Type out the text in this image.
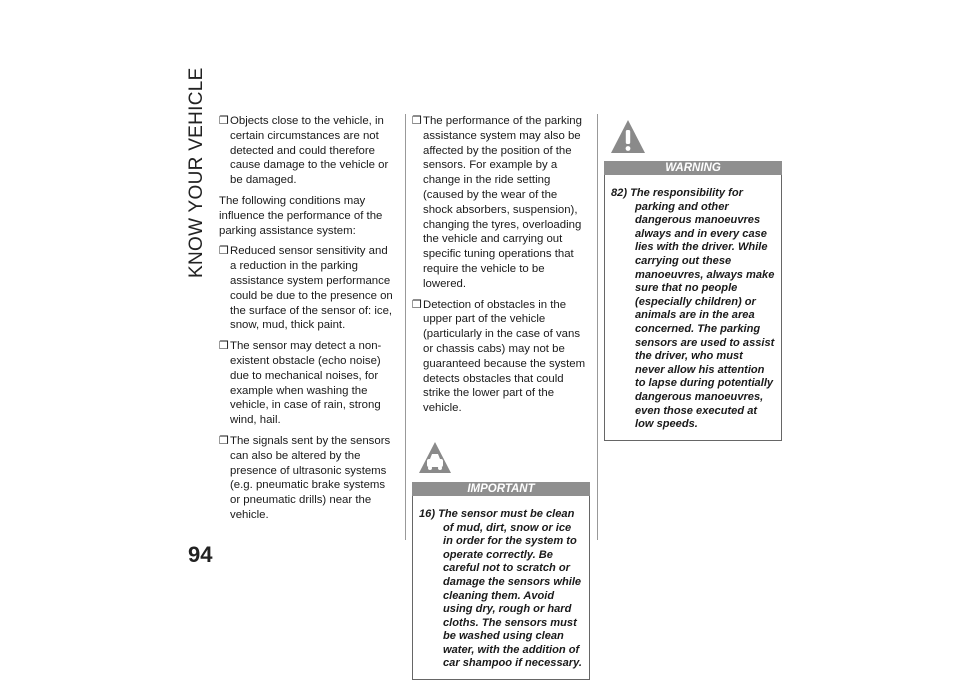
KNOW YOUR VEHICLE
94
❒ Objects close to the vehicle, in certain circumstances are not detected and could therefore cause damage to the vehicle or be damaged.

The following conditions may influence the performance of the parking assistance system:

❒ Reduced sensor sensitivity and a reduction in the parking assistance system performance could be due to the presence on the surface of the sensor of: ice, snow, mud, thick paint.
❒ The sensor may detect a non-existent obstacle (echo noise) due to mechanical noises, for example when washing the vehicle, in case of rain, strong wind, hail.
❒ The signals sent by the sensors can also be altered by the presence of ultrasonic systems (e.g. pneumatic brake systems or pneumatic drills) near the vehicle.
❒ The performance of the parking assistance system may also be affected by the position of the sensors. For example by a change in the ride setting (caused by the wear of the shock absorbers, suspension), changing the tyres, overloading the vehicle and carrying out specific tuning operations that require the vehicle to be lowered.
❒ Detection of obstacles in the upper part of the vehicle (particularly in the case of vans or chassis cabs) may not be guaranteed because the system detects obstacles that could strike the lower part of the vehicle.
IMPORTANT

16) The sensor must be clean of mud, dirt, snow or ice in order for the system to operate correctly. Be careful not to scratch or damage the sensors while cleaning them. Avoid using dry, rough or hard cloths. The sensors must be washed using clean water, with the addition of car shampoo if necessary.

WARNING

82) The responsibility for parking and other dangerous manoeuvres always and in every case lies with the driver. While carrying out these manoeuvres, always make sure that no people (especially children) or animals are in the area concerned. The parking sensors are used to assist the driver, who must never allow his attention to lapse during potentially dangerous manoeuvres, even those executed at low speeds.
